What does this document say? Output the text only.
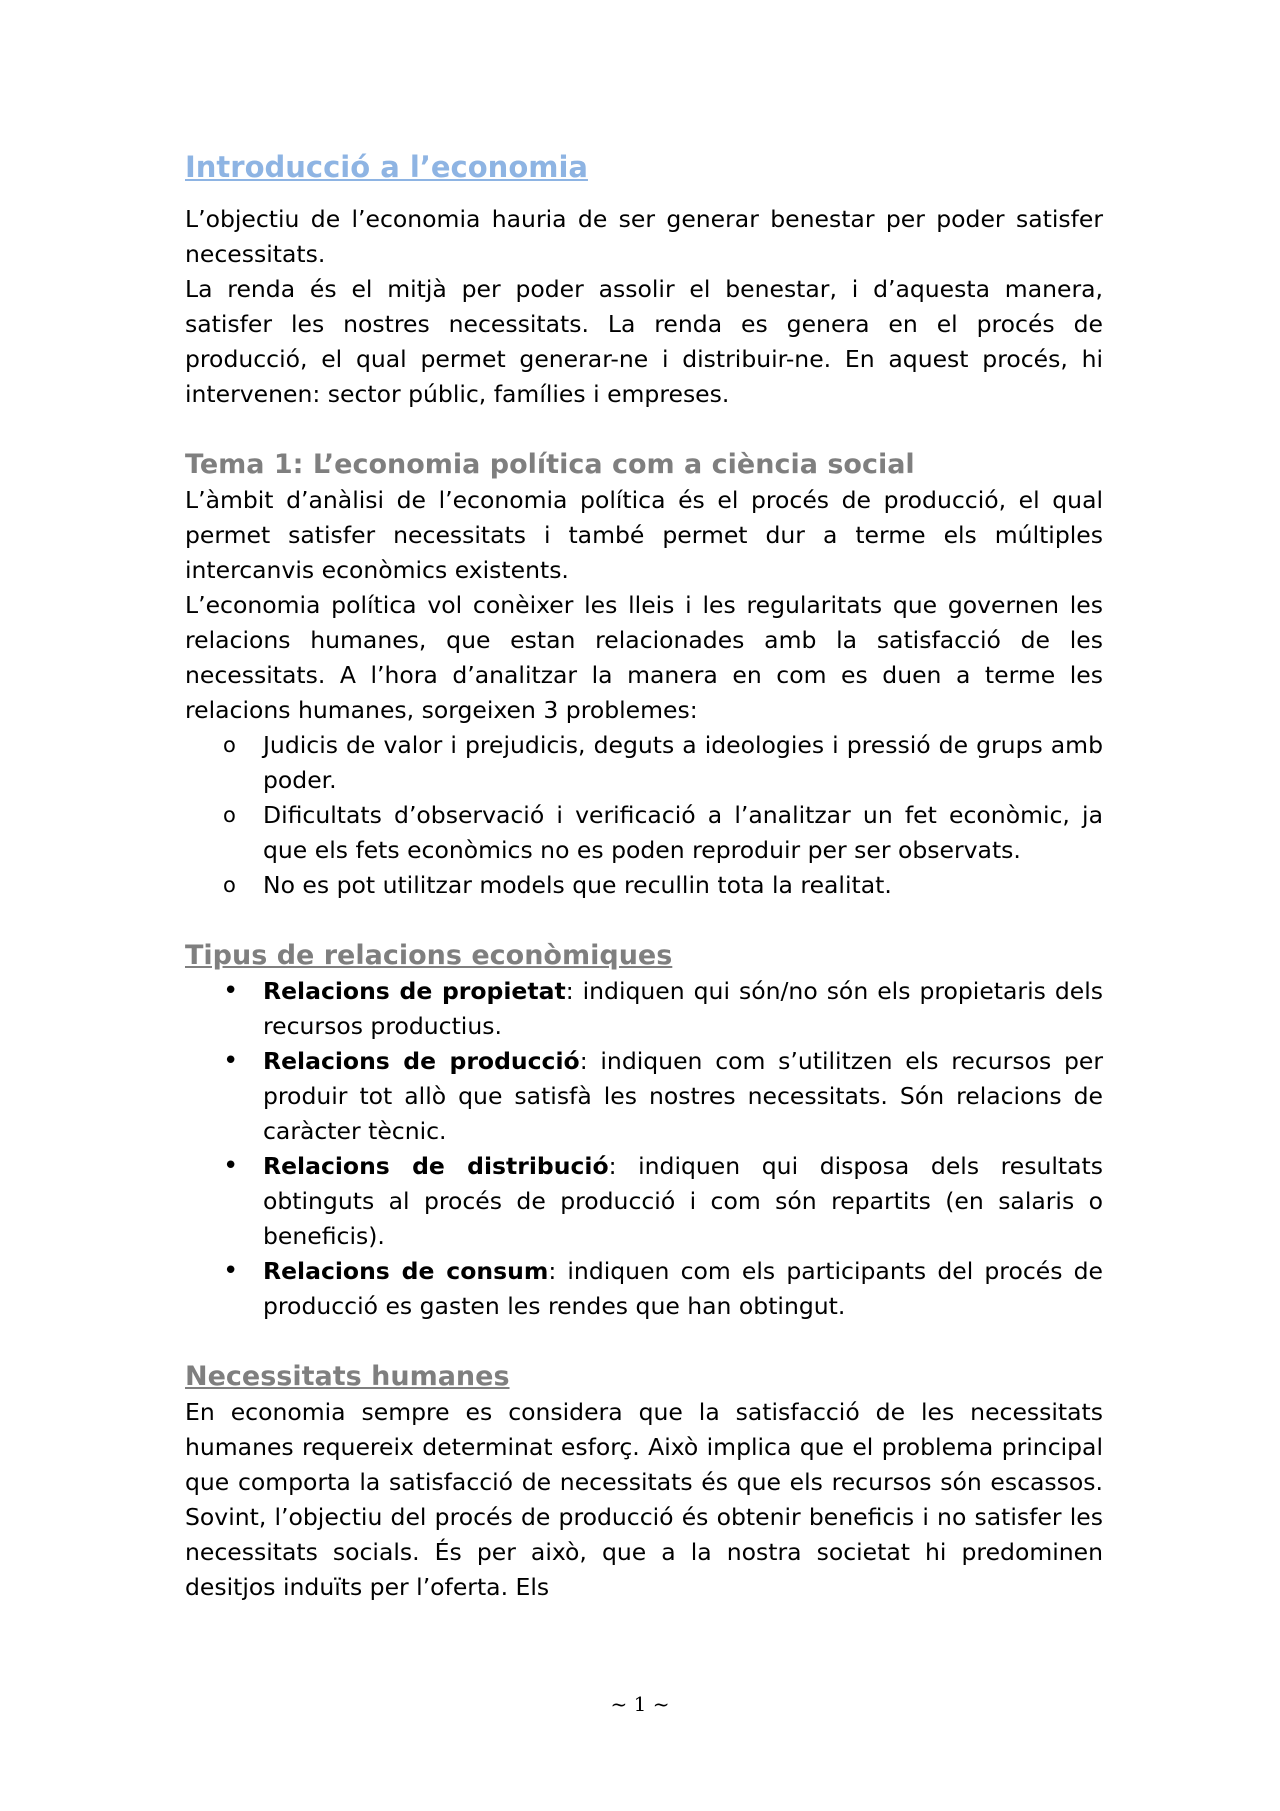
Introducció a l’economia

L’objectiu de l’economia hauria de ser generar benestar per poder satisfer necessitats.

La renda és el mitjà per poder assolir el benestar, i d’aquesta manera, satisfer les nostres necessitats. La renda es genera en el procés de producció, el qual permet generar-ne i distribuir-ne. En aquest procés, hi intervenen: sector públic, famílies i empreses.

Tema 1: L’economia política com a ciència social

L’àmbit d’anàlisi de l’economia política és el procés de producció, el qual permet satisfer necessitats i també permet dur a terme els múltiples intercanvis econòmics existents.

L’economia política vol conèixer les lleis i les regularitats que governen les relacions humanes, que estan relacionades amb la satisfacció de les necessitats. A l’hora d’analitzar la manera en com es duen a terme les relacions humanes, sorgeixen 3 problemes:

o Judicis de valor i prejudicis, deguts a ideologies i pressió de grups amb poder.
o Dificultats d’observació i verificació a l’analitzar un fet econòmic, ja que els fets econòmics no es poden reproduir per ser observats.
o No es pot utilitzar models que recullin tota la realitat.
Tipus de relacions econòmiques
• Relacions de propietat: indiquen qui són/no són els propietaris dels recursos productius.
• Relacions de producció: indiquen com s’utilitzen els recursos per produir tot allò que satisfà les nostres necessitats. Són relacions de caràcter tècnic.
• Relacions de distribució: indiquen qui disposa dels resultats obtinguts al procés de producció i com són repartits (en salaris o beneficis).
• Relacions de consum: indiquen com els participants del procés de producció es gasten les rendes que han obtingut.
Necessitats humanes

En economia sempre es considera que la satisfacció de les necessitats humanes requereix determinat esforç. Això implica que el problema principal que comporta la satisfacció de necessitats és que els recursos són escassos. Sovint, l’objectiu del procés de producció és obtenir beneficis i no satisfer les necessitats socials. És per això, que a la nostra societat hi predominen desitjos induïts per l’oferta. Els

~ 1 ~
